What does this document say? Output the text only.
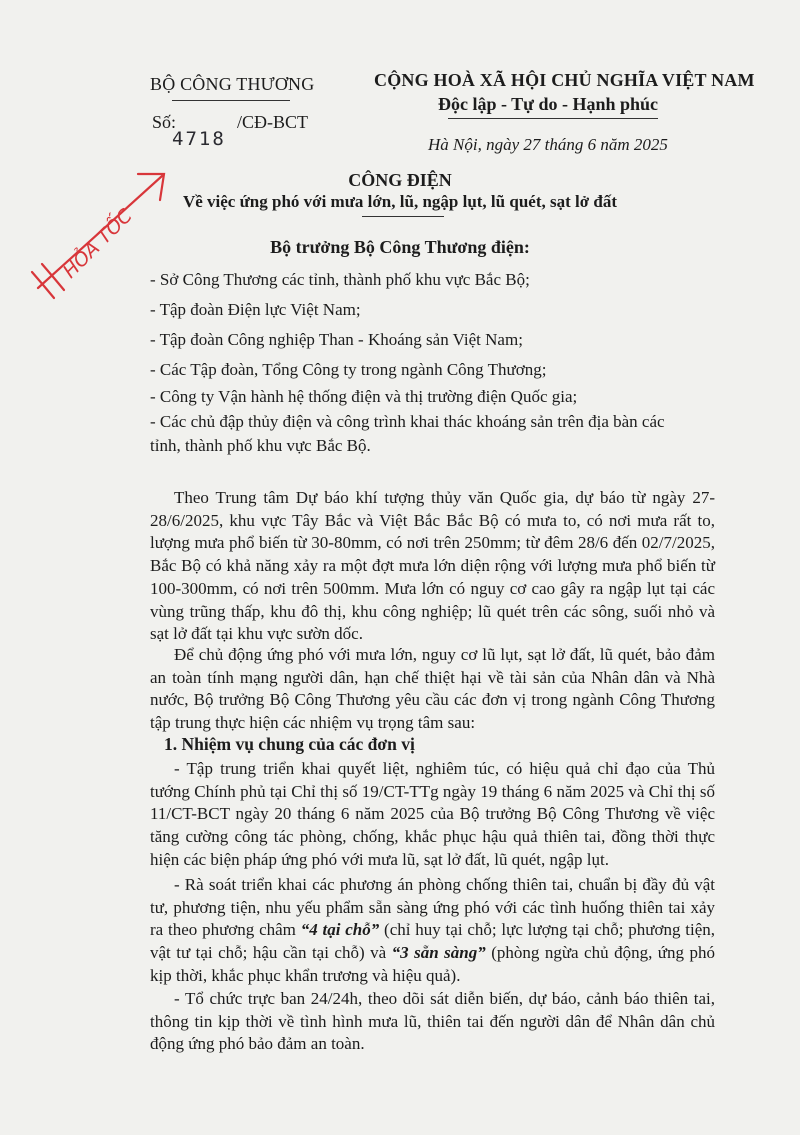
BỘ CÔNG THƯƠNG
Số:	/CĐ-BCT
4718
CỘNG HOÀ XÃ HỘI CHỦ NGHĨA VIỆT NAM
Độc lập - Tự do - Hạnh phúc
Hà Nội, ngày 27 tháng 6 năm 2025
HỎA TỐC
CÔNG ĐIỆN
Về việc ứng phó với mưa lớn, lũ, ngập lụt, lũ quét, sạt lở đất
Bộ trưởng Bộ Công Thương điện:
- Sở Công Thương các tỉnh, thành phố khu vực Bắc Bộ;
- Tập đoàn Điện lực Việt Nam;
- Tập đoàn Công nghiệp Than - Khoáng sản Việt Nam;
- Các Tập đoàn, Tổng Công ty trong ngành Công Thương;
- Công ty Vận hành hệ thống điện và thị trường điện Quốc gia;
- Các chủ đập thủy điện và công trình khai thác khoáng sản trên địa bàn các
tỉnh, thành phố khu vực Bắc Bộ.

Theo Trung tâm Dự báo khí tượng thủy văn Quốc gia, dự báo từ ngày 27-28/6/2025, khu vực Tây Bắc và Việt Bắc Bắc Bộ có mưa to, có nơi mưa rất to, lượng mưa phổ biến từ 30-80mm, có nơi trên 250mm; từ đêm 28/6 đến 02/7/2025, Bắc Bộ có khả năng xảy ra một đợt mưa lớn diện rộng với lượng mưa phổ biến từ 100-300mm, có nơi trên 500mm. Mưa lớn có nguy cơ cao gây ra ngập lụt tại các vùng trũng thấp, khu đô thị, khu công nghiệp; lũ quét trên các sông, suối nhỏ và sạt lở đất tại khu vực sườn dốc.

Để chủ động ứng phó với mưa lớn, nguy cơ lũ lụt, sạt lở đất, lũ quét, bảo đảm an toàn tính mạng người dân, hạn chế thiệt hại về tài sản của Nhân dân và Nhà nước, Bộ trưởng Bộ Công Thương yêu cầu các đơn vị trong ngành Công Thương tập trung thực hiện các nhiệm vụ trọng tâm sau:

1. Nhiệm vụ chung của các đơn vị

- Tập trung triển khai quyết liệt, nghiêm túc, có hiệu quả chỉ đạo của Thủ tướng Chính phủ tại Chỉ thị số 19/CT-TTg ngày 19 tháng 6 năm 2025 và Chỉ thị số 11/CT-BCT ngày 20 tháng 6 năm 2025 của Bộ trưởng Bộ Công Thương về việc tăng cường công tác phòng, chống, khắc phục hậu quả thiên tai, đồng thời thực hiện các biện pháp ứng phó với mưa lũ, sạt lở đất, lũ quét, ngập lụt.

- Rà soát triển khai các phương án phòng chống thiên tai, chuẩn bị đầy đủ vật tư, phương tiện, nhu yếu phẩm sẵn sàng ứng phó với các tình huống thiên tai xảy ra theo phương châm “4 tại chỗ” (chỉ huy tại chỗ; lực lượng tại chỗ; phương tiện, vật tư tại chỗ; hậu cần tại chỗ) và “3 sẵn sàng” (phòng ngừa chủ động, ứng phó kịp thời, khắc phục khẩn trương và hiệu quả).

- Tổ chức trực ban 24/24h, theo dõi sát diễn biến, dự báo, cảnh báo thiên tai, thông tin kịp thời về tình hình mưa lũ, thiên tai đến người dân để Nhân dân chủ động ứng phó bảo đảm an toàn.
